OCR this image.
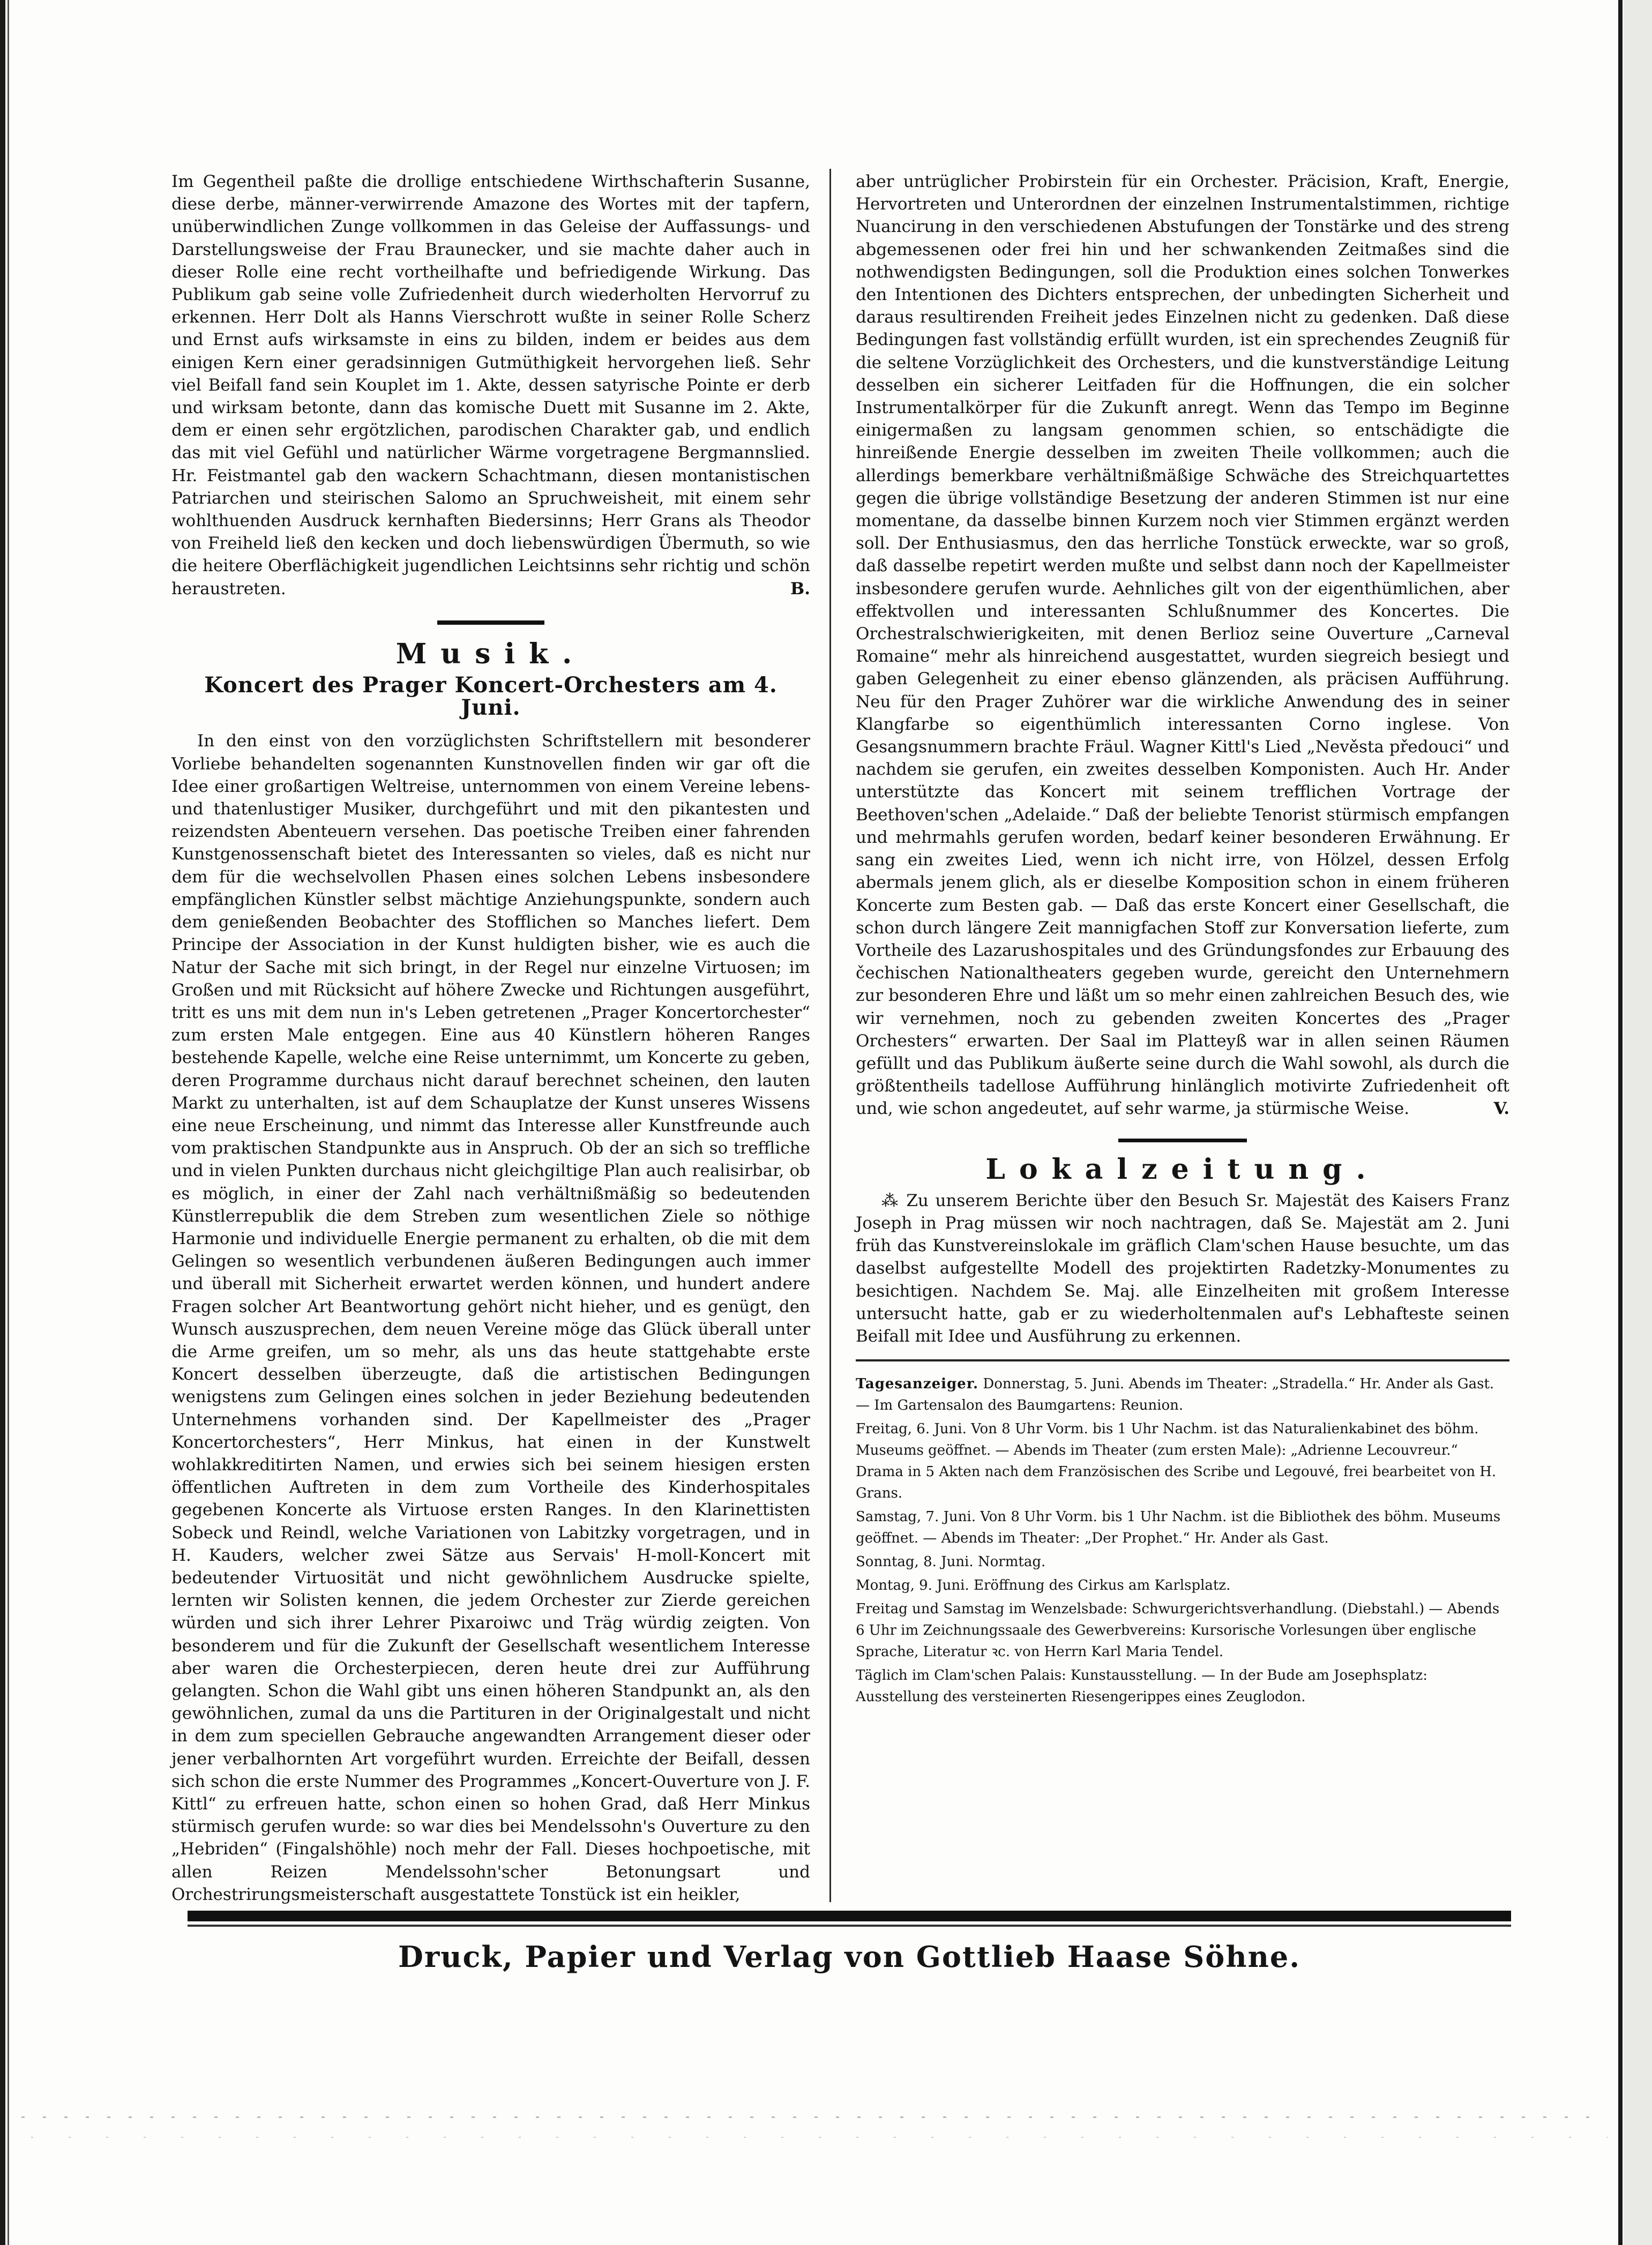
Im Gegentheil paßte die drollige entschiedene Wirthschafterin Susanne, diese derbe, männer-verwirrende Amazone des Wortes mit der tapfern, unüberwindlichen Zunge vollkommen in das Geleise der Auffassungs- und Darstellungsweise der Frau Braunecker, und sie machte daher auch in dieser Rolle eine recht vortheilhafte und befriedigende Wirkung. Das Publikum gab seine volle Zufriedenheit durch wiederholten Hervorruf zu erkennen. Herr Dolt als Hanns Vierschrott wußte in seiner Rolle Scherz und Ernst aufs wirksamste in eins zu bilden, indem er beides aus dem einigen Kern einer geradsinnigen Gutmüthigkeit hervorgehen ließ. Sehr viel Beifall fand sein Kouplet im 1. Akte, dessen satyrische Pointe er derb und wirksam betonte, dann das komische Duett mit Susanne im 2. Akte, dem er einen sehr ergötzlichen, parodischen Charakter gab, und endlich das mit viel Gefühl und natürlicher Wärme vorgetragene Bergmannslied. Hr. Feistmantel gab den wackern Schachtmann, diesen montanistischen Patriarchen und steirischen Salomo an Spruchweisheit, mit einem sehr wohlthuenden Ausdruck kernhaften Biedersinns; Herr Grans als Theodor von Freiheld ließ den kecken und doch liebenswürdigen Übermuth, so wie die heitere Oberflächigkeit jugendlichen Leichtsinns sehr richtig und schön heraustreten.	B.

Musik.
Koncert des Prager Koncert-Orchesters am 4. Juni.

In den einst von den vorzüglichsten Schriftstellern mit besonderer Vorliebe behandelten sogenannten Kunstnovellen finden wir gar oft die Idee einer großartigen Weltreise, unternommen von einem Vereine lebens- und thatenlustiger Musiker, durchgeführt und mit den pikantesten und reizendsten Abenteuern versehen. Das poetische Treiben einer fahrenden Kunstgenossenschaft bietet des Interessanten so vieles, daß es nicht nur dem für die wechselvollen Phasen eines solchen Lebens insbesondere empfänglichen Künstler selbst mächtige Anziehungspunkte, sondern auch dem genießenden Beobachter des Stofflichen so Manches liefert. Dem Principe der Association in der Kunst huldigten bisher, wie es auch die Natur der Sache mit sich bringt, in der Regel nur einzelne Virtuosen; im Großen und mit Rücksicht auf höhere Zwecke und Richtungen ausgeführt, tritt es uns mit dem nun in's Leben getretenen „Prager Koncertorchester“ zum ersten Male entgegen. Eine aus 40 Künstlern höheren Ranges bestehende Kapelle, welche eine Reise unternimmt, um Koncerte zu geben, deren Programme durchaus nicht darauf berechnet scheinen, den lauten Markt zu unterhalten, ist auf dem Schauplatze der Kunst unseres Wissens eine neue Erscheinung, und nimmt das Interesse aller Kunstfreunde auch vom praktischen Standpunkte aus in Anspruch. Ob der an sich so treffliche und in vielen Punkten durchaus nicht gleichgiltige Plan auch realisirbar, ob es möglich, in einer der Zahl nach verhältnißmäßig so bedeutenden Künstlerrepublik die dem Streben zum wesentlichen Ziele so nöthige Harmonie und individuelle Energie permanent zu erhalten, ob die mit dem Gelingen so wesentlich verbundenen äußeren Bedingungen auch immer und überall mit Sicherheit erwartet werden können, und hundert andere Fragen solcher Art Beantwortung gehört nicht hieher, und es genügt, den Wunsch auszusprechen, dem neuen Vereine möge das Glück überall unter die Arme greifen, um so mehr, als uns das heute stattgehabte erste Koncert desselben überzeugte, daß die artistischen Bedingungen wenigstens zum Gelingen eines solchen in jeder Beziehung bedeutenden Unternehmens vorhanden sind. Der Kapellmeister des „Prager Koncertorchesters“, Herr Minkus, hat einen in der Kunstwelt wohlakkreditirten Namen, und erwies sich bei seinem hiesigen ersten öffentlichen Auftreten in dem zum Vortheile des Kinderhospitales gegebenen Koncerte als Virtuose ersten Ranges. In den Klarinettisten Sobeck und Reindl, welche Variationen von Labitzky vorgetragen, und in H. Kauders, welcher zwei Sätze aus Servais' H-moll-Koncert mit bedeutender Virtuosität und nicht gewöhnlichem Ausdrucke spielte, lernten wir Solisten kennen, die jedem Orchester zur Zierde gereichen würden und sich ihrer Lehrer Pixaroiwc und Träg würdig zeigten. Von besonderem und für die Zukunft der Gesellschaft wesentlichem Interesse aber waren die Orchesterpiecen, deren heute drei zur Aufführung gelangten. Schon die Wahl gibt uns einen höheren Standpunkt an, als den gewöhnlichen, zumal da uns die Partituren in der Originalgestalt und nicht in dem zum speciellen Gebrauche angewandten Arrangement dieser oder jener verbalhornten Art vorgeführt wurden. Erreichte der Beifall, dessen sich schon die erste Nummer des Programmes „Koncert-Ouverture von J. F. Kittl“ zu erfreuen hatte, schon einen so hohen Grad, daß Herr Minkus stürmisch gerufen wurde: so war dies bei Mendelssohn's Ouverture zu den „Hebriden“ (Fingalshöhle) noch mehr der Fall. Dieses hochpoetische, mit allen Reizen Mendelssohn'scher Betonungsart und Orchestrirungsmeisterschaft ausgestattete Tonstück ist ein heikler,

aber untrüglicher Probirstein für ein Orchester. Präcision, Kraft, Energie, Hervortreten und Unterordnen der einzelnen Instrumentalstimmen, richtige Nuancirung in den verschiedenen Abstufungen der Tonstärke und des streng abgemessenen oder frei hin und her schwankenden Zeitmaßes sind die nothwendigsten Bedingungen, soll die Produktion eines solchen Tonwerkes den Intentionen des Dichters entsprechen, der unbedingten Sicherheit und daraus resultirenden Freiheit jedes Einzelnen nicht zu gedenken. Daß diese Bedingungen fast vollständig erfüllt wurden, ist ein sprechendes Zeugniß für die seltene Vorzüglichkeit des Orchesters, und die kunstverständige Leitung desselben ein sicherer Leitfaden für die Hoffnungen, die ein solcher Instrumentalkörper für die Zukunft anregt. Wenn das Tempo im Beginne einigermaßen zu langsam genommen schien, so entschädigte die hinreißende Energie desselben im zweiten Theile vollkommen; auch die allerdings bemerkbare verhältnißmäßige Schwäche des Streichquartettes gegen die übrige vollständige Besetzung der anderen Stimmen ist nur eine momentane, da dasselbe binnen Kurzem noch vier Stimmen ergänzt werden soll. Der Enthusiasmus, den das herrliche Tonstück erweckte, war so groß, daß dasselbe repetirt werden mußte und selbst dann noch der Kapellmeister insbesondere gerufen wurde. Aehnliches gilt von der eigenthümlichen, aber effektvollen und interessanten Schlußnummer des Koncertes. Die Orchestralschwierigkeiten, mit denen Berlioz seine Ouverture „Carneval Romaine“ mehr als hinreichend ausgestattet, wurden siegreich besiegt und gaben Gelegenheit zu einer ebenso glänzenden, als präcisen Aufführung. Neu für den Prager Zuhörer war die wirkliche Anwendung des in seiner Klangfarbe so eigenthümlich interessanten Corno inglese. Von Gesangsnummern brachte Fräul. Wagner Kittl's Lied „Nevěsta předouci“ und nachdem sie gerufen, ein zweites desselben Komponisten. Auch Hr. Ander unterstützte das Koncert mit seinem trefflichen Vortrage der Beethoven'schen „Adelaide.“ Daß der beliebte Tenorist stürmisch empfangen und mehrmahls gerufen worden, bedarf keiner besonderen Erwähnung. Er sang ein zweites Lied, wenn ich nicht irre, von Hölzel, dessen Erfolg abermals jenem glich, als er dieselbe Komposition schon in einem früheren Koncerte zum Besten gab. — Daß das erste Koncert einer Gesellschaft, die schon durch längere Zeit mannigfachen Stoff zur Konversation lieferte, zum Vortheile des Lazarushospitales und des Gründungsfondes zur Erbauung des čechischen Nationaltheaters gegeben wurde, gereicht den Unternehmern zur besonderen Ehre und läßt um so mehr einen zahlreichen Besuch des, wie wir vernehmen, noch zu gebenden zweiten Koncertes des „Prager Orchesters“ erwarten. Der Saal im Platteyß war in allen seinen Räumen gefüllt und das Publikum äußerte seine durch die Wahl sowohl, als durch die größtentheils tadellose Aufführung hinlänglich motivirte Zufriedenheit oft und, wie schon angedeutet, auf sehr warme, ja stürmische Weise.	V.

Lokalzeitung.

⁂ Zu unserem Berichte über den Besuch Sr. Majestät des Kaisers Franz Joseph in Prag müssen wir noch nachtragen, daß Se. Majestät am 2. Juni früh das Kunstvereinslokale im gräflich Clam'schen Hause besuchte, um das daselbst aufgestellte Modell des projektirten Radetzky-Monumentes zu besichtigen. Nachdem Se. Maj. alle Einzelheiten mit großem Interesse untersucht hatte, gab er zu wiederholtenmalen auf's Lebhafteste seinen Beifall mit Idee und Ausführung zu erkennen.

Tagesanzeiger. Donnerstag, 5. Juni. Abends im Theater: „Stradella.“ Hr. Ander als Gast. — Im Gartensalon des Baumgartens: Reunion.

Freitag, 6. Juni. Von 8 Uhr Vorm. bis 1 Uhr Nachm. ist das Naturalienkabinet des böhm. Museums geöffnet. — Abends im Theater (zum ersten Male): „Adrienne Lecouvreur.“ Drama in 5 Akten nach dem Französischen des Scribe und Legouvé, frei bearbeitet von H. Grans.

Samstag, 7. Juni. Von 8 Uhr Vorm. bis 1 Uhr Nachm. ist die Bibliothek des böhm. Museums geöffnet. — Abends im Theater: „Der Prophet.“ Hr. Ander als Gast.

Sonntag, 8. Juni. Normtag.

Montag, 9. Juni. Eröffnung des Cirkus am Karlsplatz.

Freitag und Samstag im Wenzelsbade: Schwurgerichtsverhandlung. (Diebstahl.) — Abends 6 Uhr im Zeichnungssaale des Gewerbvereins: Kursorische Vorlesungen über englische Sprache, Literatur ꝛc. von Herrn Karl Maria Tendel.

Täglich im Clam'schen Palais: Kunstausstellung. — In der Bude am Josephsplatz: Ausstellung des versteinerten Riesengerippes eines Zeuglodon.

Druck, Papier und Verlag von Gottlieb Haase Söhne.
